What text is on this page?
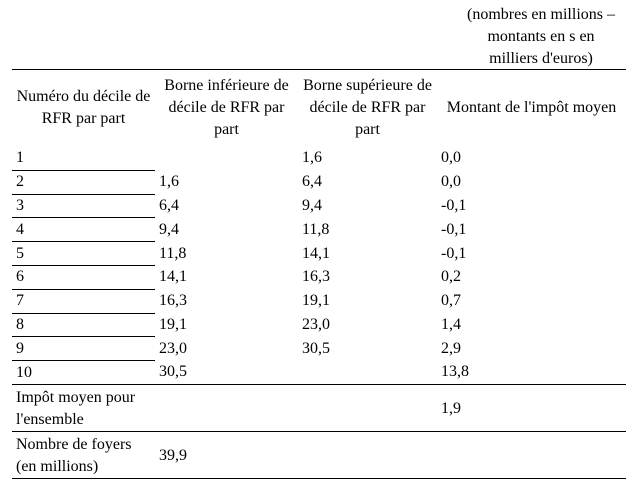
(nombres en millions –
montants en s en
milliers d'euros)
Numéro du décile de RFR par part	Borne inférieure de décile de RFR par part	Borne supérieure de décile de RFR par part	Montant de l'impôt moyen
1		1,6	0,0
2	1,6	6,4	0,0
3	6,4	9,4	-0,1
4	9,4	11,8	-0,1
5	11,8	14,1	-0,1
6	14,1	16,3	0,2
7	16,3	19,1	0,7
8	19,1	23,0	1,4
9	23,0	30,5	2,9
10	30,5		13,8

Impôt moyen pour
l'ensemble			1,9

Nombre de foyers
(en millions)	39,9		
